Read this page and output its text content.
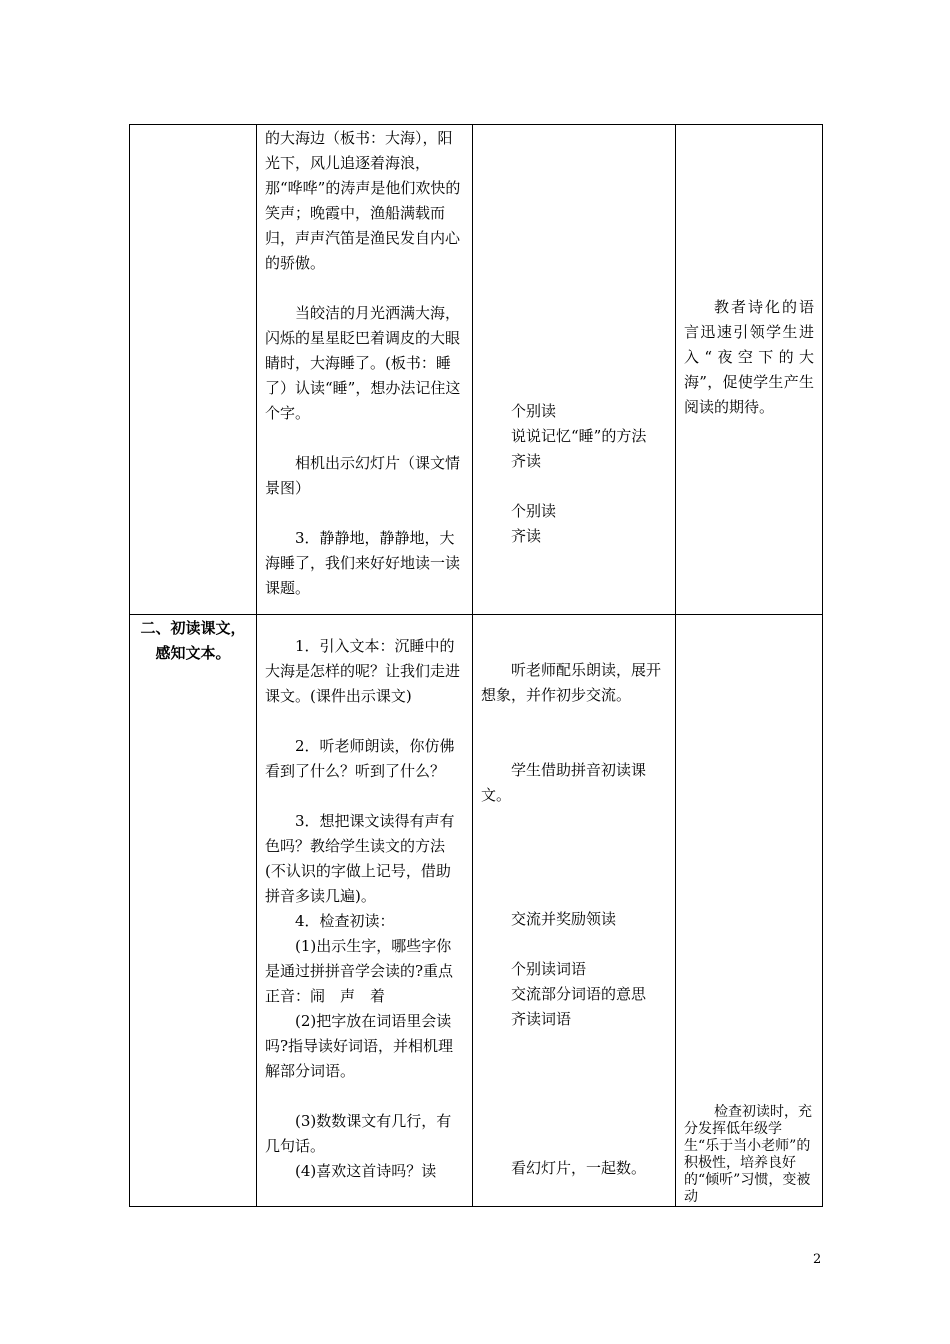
的大海边（板书：大海），阳光下，风儿追逐着海浪，那“哗哗”的涛声是他们欢快的笑声；晚霞中，渔船满载而归，声声汽笛是渔民发自内心的骄傲。

当皎洁的月光洒满大海，闪烁的星星眨巴着调皮的大眼睛时，大海睡了。(板书：睡了）认读“睡”，想办法记住这个字。

相机出示幻灯片（课文情景图）

3．静静地，静静地，大海睡了，我们来好好地读一读课题。

个别读

说说记忆“睡”的方法

齐读

个别读

齐读

教者诗化的语言迅速引领学生进入“夜空下的大海”，促使学生产生阅读的期待。

二、初读课文，感知文本。	1．引入文本：沉睡中的大海是怎样的呢？让我们走进课文。(课件出示课文)

2．听老师朗读，你仿佛看到了什么？听到了什么？

3．想把课文读得有声有色吗？教给学生读文的方法(不认识的字做上记号，借助拼音多读几遍)。

4．检查初读：

(1)出示生字，哪些字你是通过拼拼音学会读的?重点正音：闹　声　着

(2)把字放在词语里会读吗?指导读好词语，并相机理解部分词语。

(3)数数课文有几行，有几句话。

(4)喜欢这首诗吗？读

听老师配乐朗读，展开想象，并作初步交流。
学生借助拼音初读课文。
交流并奖励领读
个别读词语
交流部分词语的意思
齐读词语
看幻灯片，一起数。

检查初读时，充分发挥低年级学生“乐于当小老师”的积极性，培养良好的“倾听”习惯，变被动

2
